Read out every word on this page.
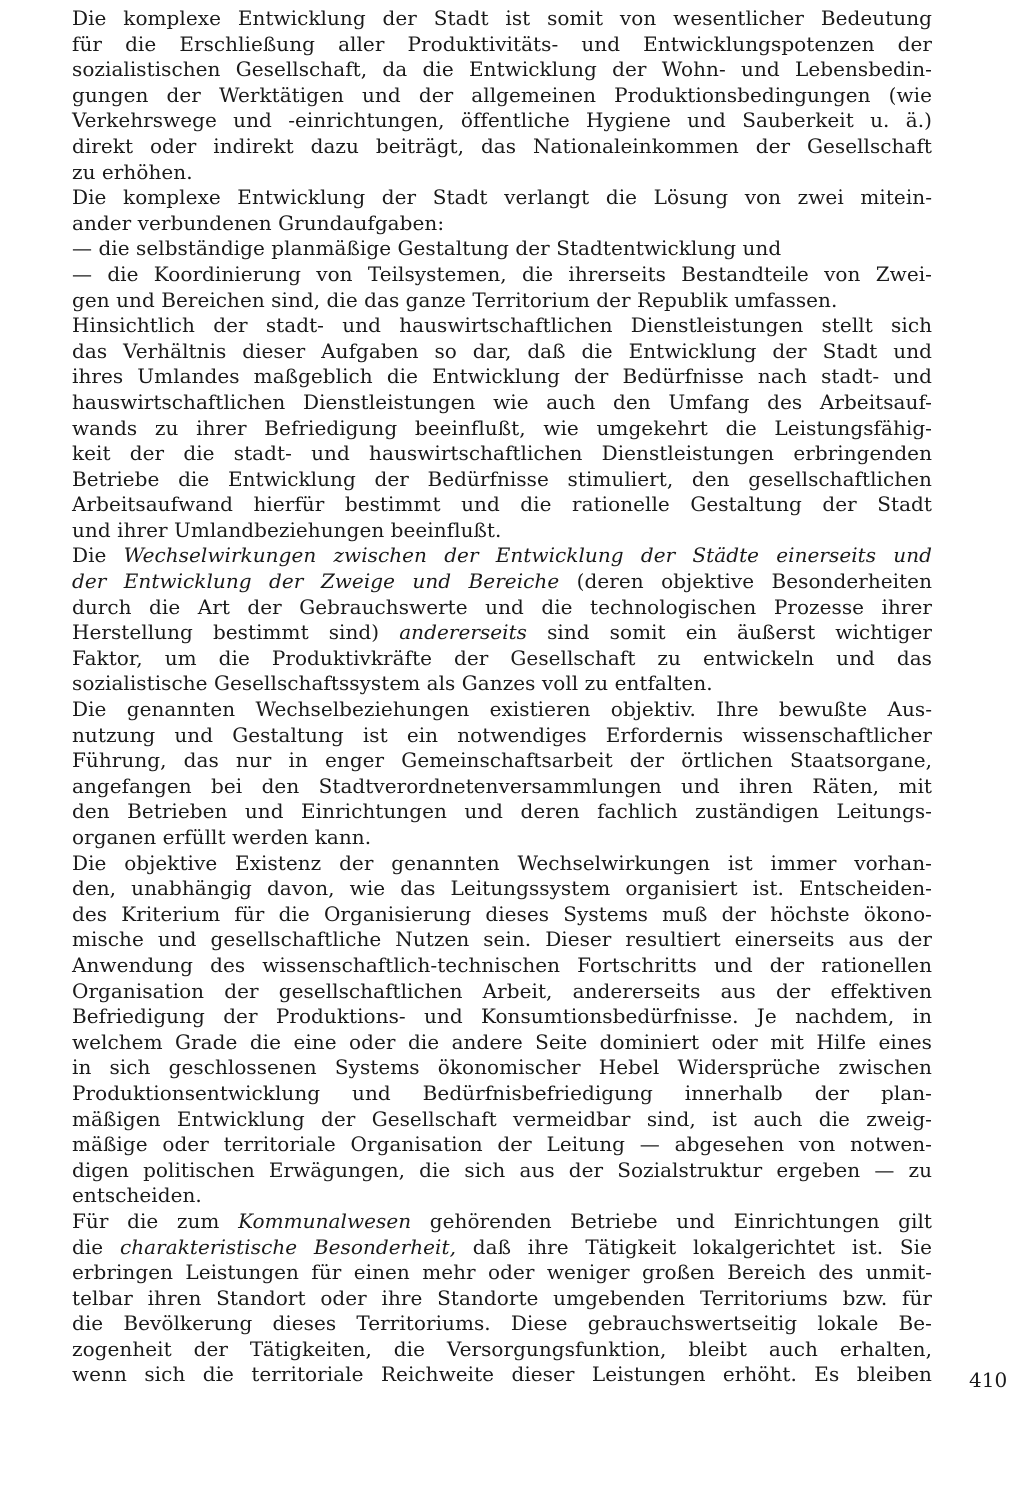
Die komplexe Entwicklung der Stadt ist somit von wesentlicher Bedeutung
für die Erschließung aller Produktivitäts- und Entwicklungspotenzen der
sozialistischen Gesellschaft, da die Entwicklung der Wohn- und Lebensbedin-
gungen der Werktätigen und der allgemeinen Produktionsbedingungen (wie
Verkehrswege und -einrichtungen, öffentliche Hygiene und Sauberkeit u. ä.)
direkt oder indirekt dazu beiträgt, das Nationaleinkommen der Gesellschaft
zu erhöhen.
Die komplexe Entwicklung der Stadt verlangt die Lösung von zwei mitein-
ander verbundenen Grundaufgaben:
— die selbständige planmäßige Gestaltung der Stadtentwicklung und
— die Koordinierung von Teilsystemen, die ihrerseits Bestandteile von Zwei-
gen und Bereichen sind, die das ganze Territorium der Republik umfassen.
Hinsichtlich der stadt- und hauswirtschaftlichen Dienstleistungen stellt sich
das Verhältnis dieser Aufgaben so dar, daß die Entwicklung der Stadt und
ihres Umlandes maßgeblich die Entwicklung der Bedürfnisse nach stadt- und
hauswirtschaftlichen Dienstleistungen wie auch den Umfang des Arbeitsauf-
wands zu ihrer Befriedigung beeinflußt, wie umgekehrt die Leistungsfähig-
keit der die stadt- und hauswirtschaftlichen Dienstleistungen erbringenden
Betriebe die Entwicklung der Bedürfnisse stimuliert, den gesellschaftlichen
Arbeitsaufwand hierfür bestimmt und die rationelle Gestaltung der Stadt
und ihrer Umlandbeziehungen beeinflußt.
Die Wechselwirkungen zwischen der Entwicklung der Städte einerseits und
der Entwicklung der Zweige und Bereiche (deren objektive Besonderheiten
durch die Art der Gebrauchswerte und die technologischen Prozesse ihrer
Herstellung bestimmt sind) andererseits sind somit ein äußerst wichtiger
Faktor, um die Produktivkräfte der Gesellschaft zu entwickeln und das
sozialistische Gesellschaftssystem als Ganzes voll zu entfalten.
Die genannten Wechselbeziehungen existieren objektiv. Ihre bewußte Aus-
nutzung und Gestaltung ist ein notwendiges Erfordernis wissenschaftlicher
Führung, das nur in enger Gemeinschaftsarbeit der örtlichen Staatsorgane,
angefangen bei den Stadtverordnetenversammlungen und ihren Räten, mit
den Betrieben und Einrichtungen und deren fachlich zuständigen Leitungs-
organen erfüllt werden kann.
Die objektive Existenz der genannten Wechselwirkungen ist immer vorhan-
den, unabhängig davon, wie das Leitungssystem organisiert ist. Entscheiden-
des Kriterium für die Organisierung dieses Systems muß der höchste ökono-
mische und gesellschaftliche Nutzen sein. Dieser resultiert einerseits aus der
Anwendung des wissenschaftlich-technischen Fortschritts und der rationellen
Organisation der gesellschaftlichen Arbeit, andererseits aus der effektiven
Befriedigung der Produktions- und Konsumtionsbedürfnisse. Je nachdem, in
welchem Grade die eine oder die andere Seite dominiert oder mit Hilfe eines
in sich geschlossenen Systems ökonomischer Hebel Widersprüche zwischen
Produktionsentwicklung und Bedürfnisbefriedigung innerhalb der plan-
mäßigen Entwicklung der Gesellschaft vermeidbar sind, ist auch die zweig-
mäßige oder territoriale Organisation der Leitung — abgesehen von notwen-
digen politischen Erwägungen, die sich aus der Sozialstruktur ergeben — zu
entscheiden.
Für die zum Kommunalwesen gehörenden Betriebe und Einrichtungen gilt
die charakteristische Besonderheit, daß ihre Tätigkeit lokalgerichtet ist. Sie
erbringen Leistungen für einen mehr oder weniger großen Bereich des unmit-
telbar ihren Standort oder ihre Standorte umgebenden Territoriums bzw. für
die Bevölkerung dieses Territoriums. Diese gebrauchswertseitig lokale Be-
zogenheit der Tätigkeiten, die Versorgungsfunktion, bleibt auch erhalten,
wenn sich die territoriale Reichweite dieser Leistungen erhöht. Es bleiben 410
